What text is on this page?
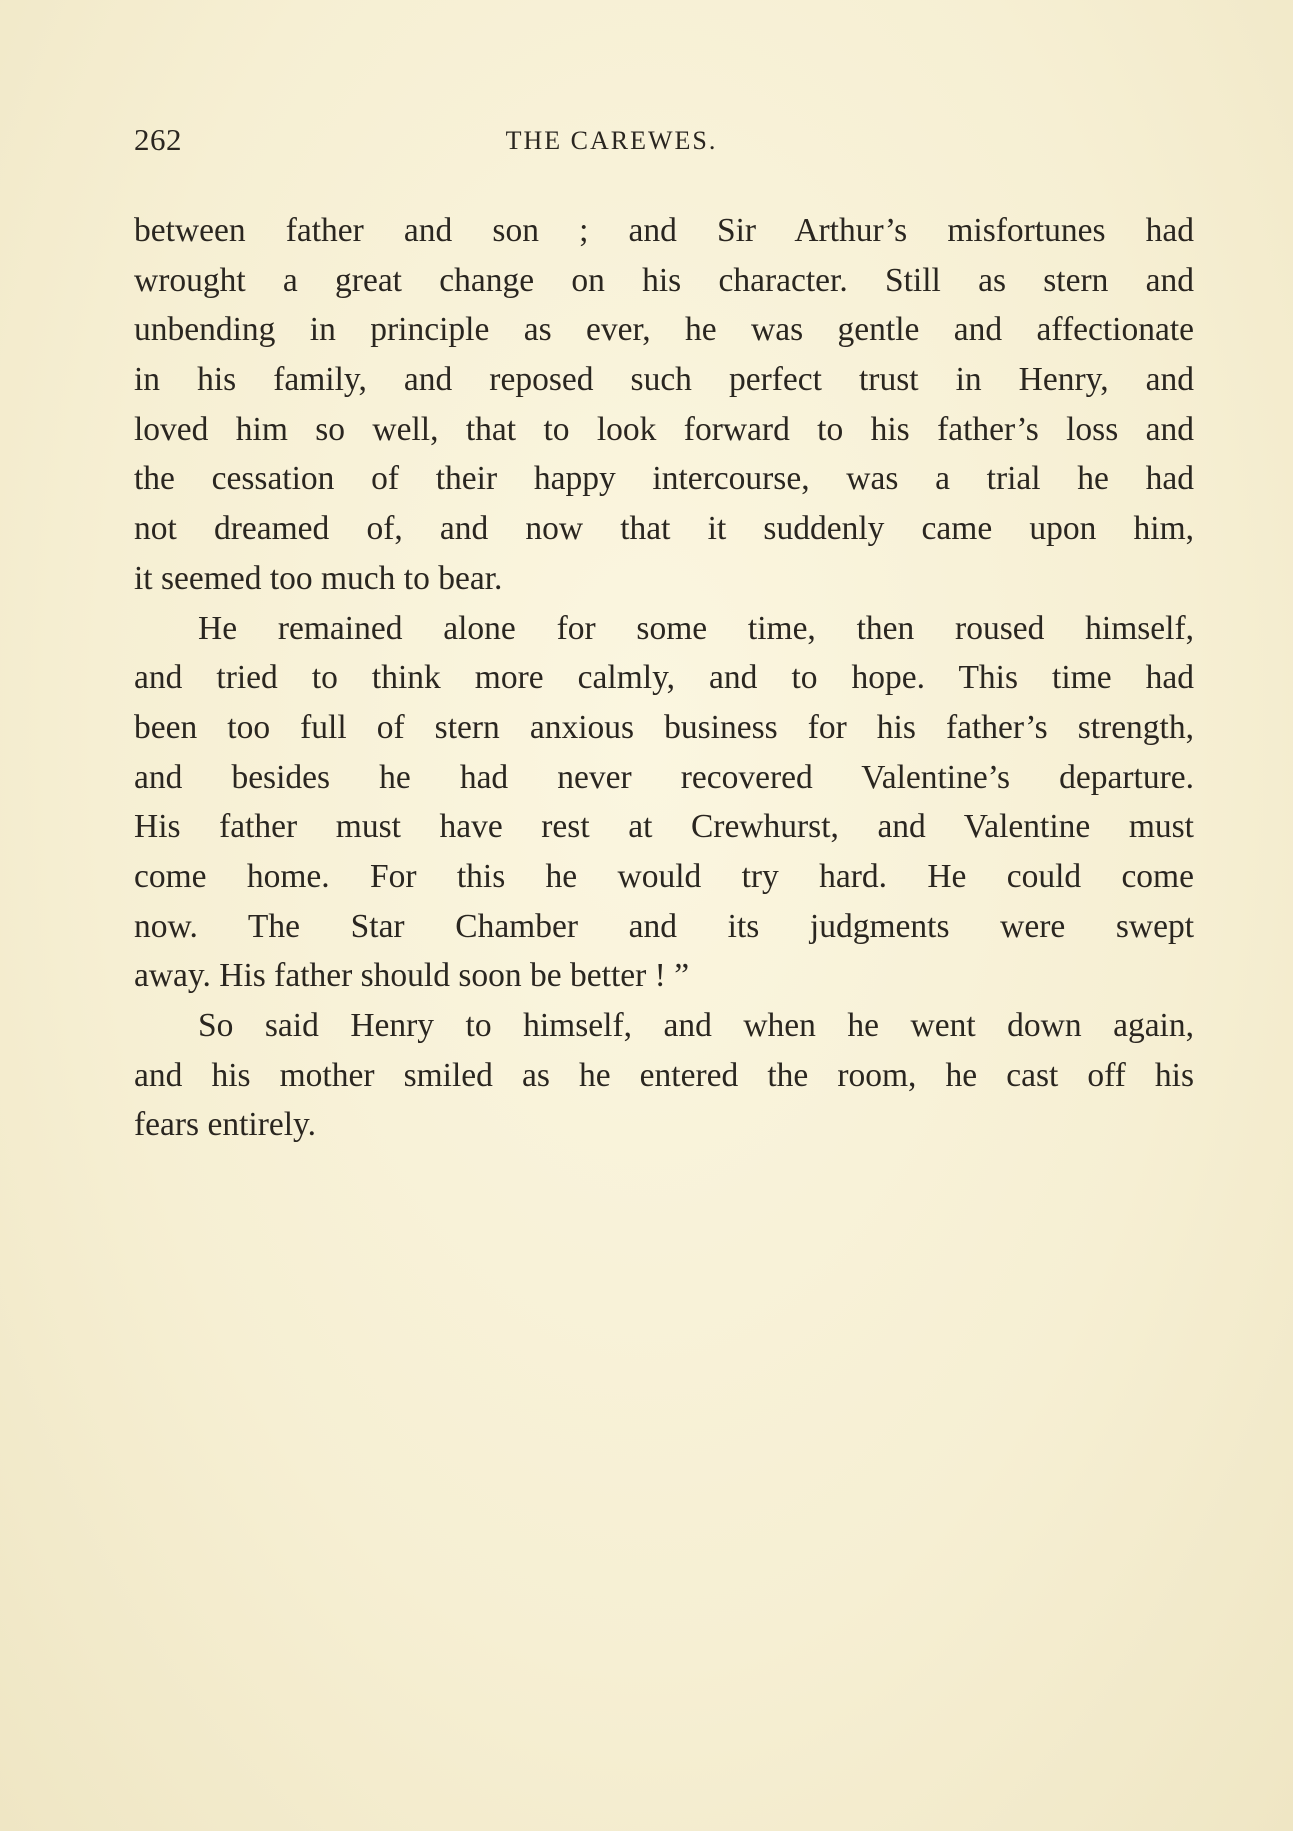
262	THE CAREWES.
between father and son ; and Sir Arthur’s misfortunes had
wrought a great change on his character. Still as stern and
unbending in principle as ever, he was gentle and affectionate
in his family, and reposed such perfect trust in Henry, and
loved him so well, that to look forward to his father’s loss and
the cessation of their happy intercourse, was a trial he had
not dreamed of, and now that it suddenly came upon him,
it seemed too much to bear.
He remained alone for some time, then roused himself,
and tried to think more calmly, and to hope. This time had
been too full of stern anxious business for his father’s strength,
and besides he had never recovered Valentine’s departure.
His father must have rest at Crewhurst, and Valentine must
come home. For this he would try hard. He could come
now. The Star Chamber and its judgments were swept
away. His father should soon be better ! ”
So said Henry to himself, and when he went down again,
and his mother smiled as he entered the room, he cast off his
fears entirely.
